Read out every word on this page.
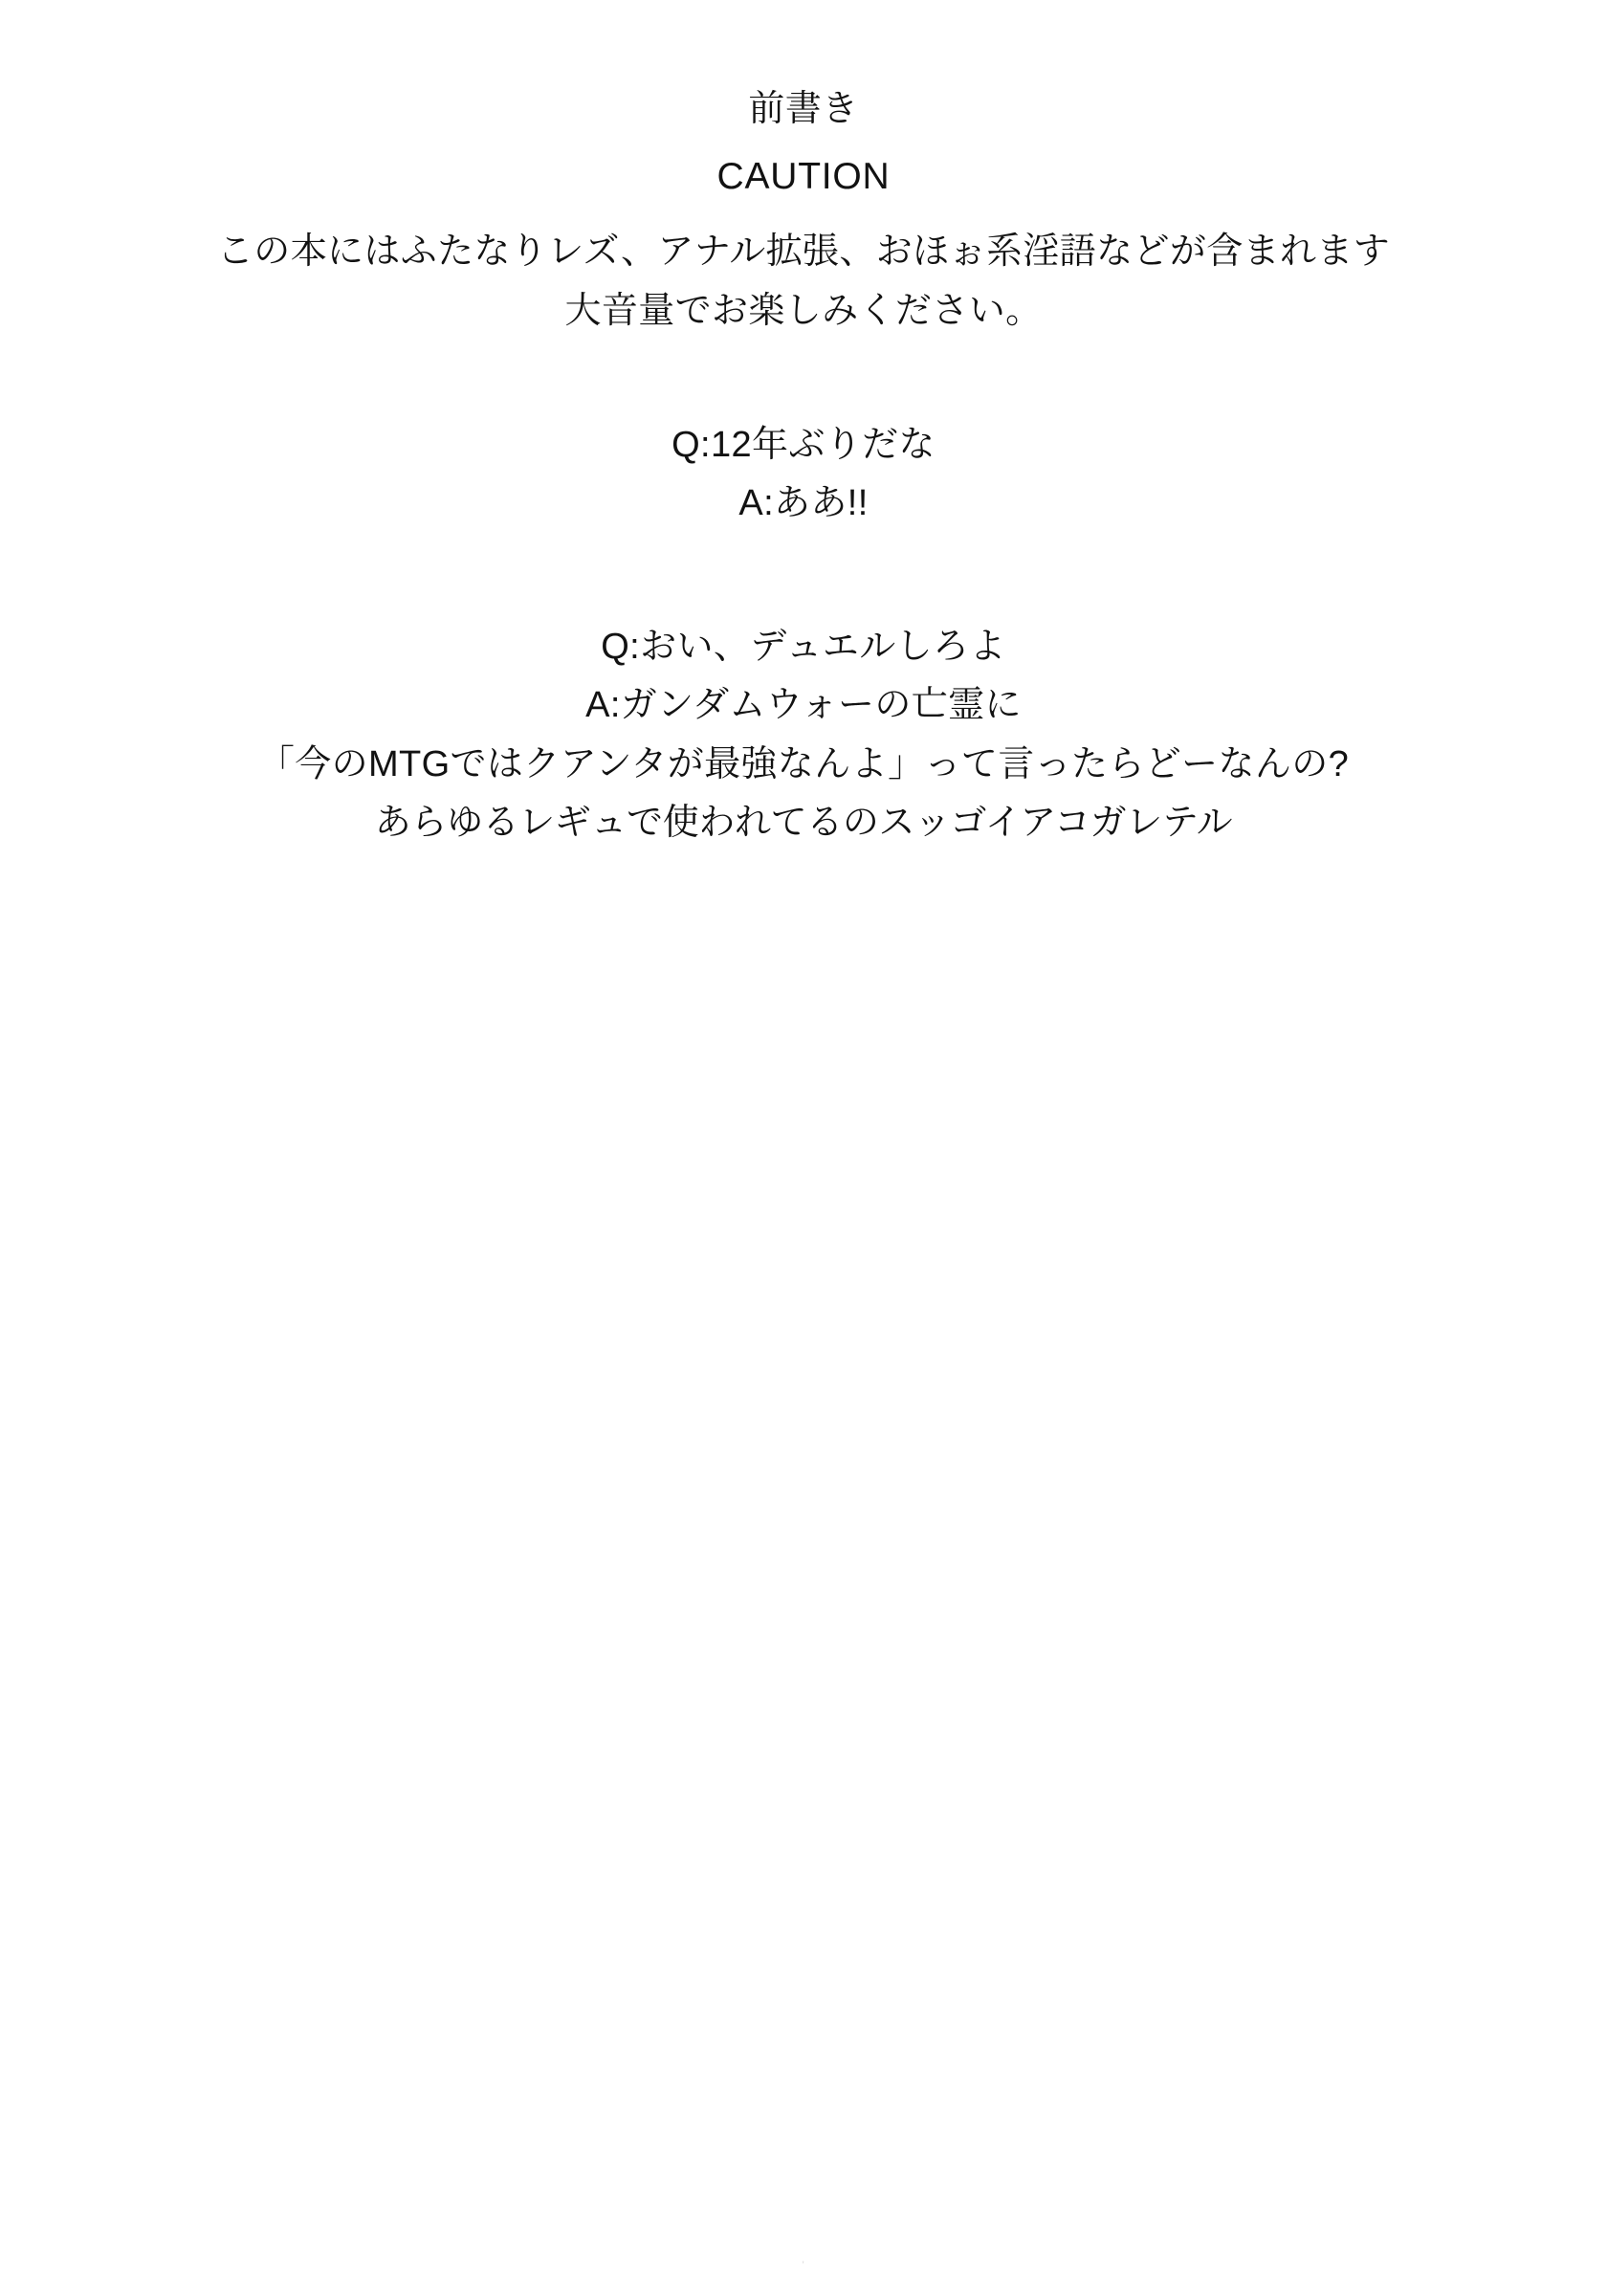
前書き
CAUTION
この本にはふたなりレズ、アナル拡張、おほぉ系淫語などが含まれます
大音量でお楽しみください。
Q:12年ぶりだな
A:ああ!!
Q:おい、デュエルしろよ
A:ガンダムウォーの亡霊に
「今のMTGではクアンタが最強なんよ」って言ったらどーなんの?
あらゆるレギュで使われてるのスッゴイアコガレテル
'
